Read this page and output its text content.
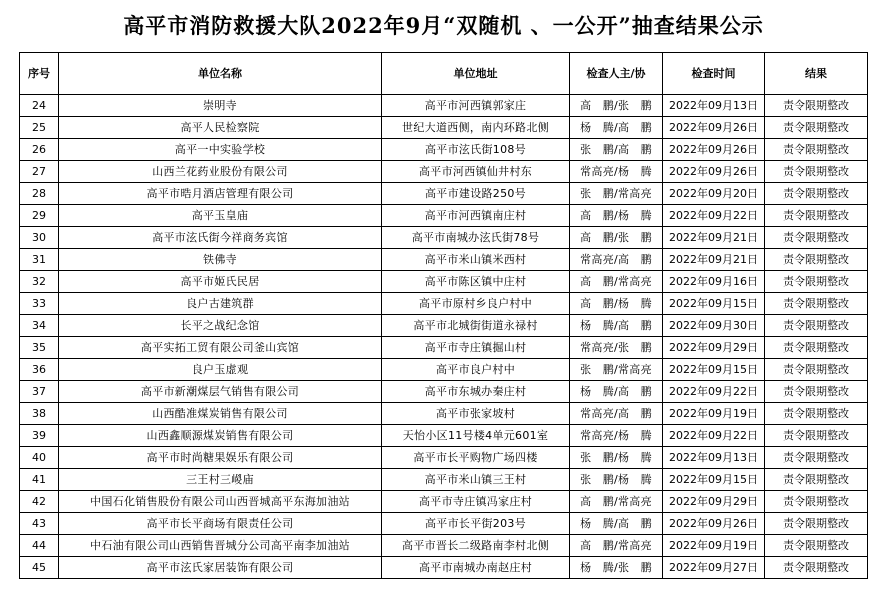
高平市消防救援大队2022年9月“双随机 、一公开”抽查结果公示
序号	单位名称	单位地址	检查人主/协	检查时间	结果
24	崇明寺	高平市河西镇郭家庄	高　鹏/张　鹏	2022年09月13日	责令限期整改
25	高平人民检察院	世纪大道西侧，南内环路北侧	杨　腾/高　鹏	2022年09月26日	责令限期整改
26	高平一中实验学校	高平市泫氏街108号	张　鹏/高　鹏	2022年09月26日	责令限期整改
27	山西兰花药业股份有限公司	高平市河西镇仙井村东	常高亮/杨　腾	2022年09月26日	责令限期整改
28	高平市晧月酒店管理有限公司	高平市建设路250号	张　鹏/常高亮	2022年09月20日	责令限期整改
29	高平玉皇庙	高平市河西镇南庄村	高　鹏/杨　腾	2022年09月22日	责令限期整改
30	高平市泫氏街今祥商务宾馆	高平市南城办泫氏街78号	高　鹏/张　鹏	2022年09月21日	责令限期整改
31	铁佛寺	高平市米山镇米西村	常高亮/高　鹏	2022年09月21日	责令限期整改
32	高平市姬氏民居	高平市陈区镇中庄村	高　鹏/常高亮	2022年09月16日	责令限期整改
33	良户古建筑群	高平市原村乡良户村中	高　鹏/杨　腾	2022年09月15日	责令限期整改
34	长平之战纪念馆	高平市北城街街道永禄村	杨　腾/高　鹏	2022年09月30日	责令限期整改
35	高平实拓工贸有限公司釜山宾馆	高平市寺庄镇掘山村	常高亮/张　鹏	2022年09月29日	责令限期整改
36	良户玉虚观	高平市良户村中	张　鹏/常高亮	2022年09月15日	责令限期整改
37	高平市新潮煤层气销售有限公司	高平市东城办秦庄村	杨　腾/高　鹏	2022年09月22日	责令限期整改
38	山西酷准煤炭销售有限公司	高平市张家坡村	常高亮/高　鹏	2022年09月19日	责令限期整改
39	山西鑫顺源煤炭销售有限公司	天怡小区11号楼4单元601室	常高亮/杨　腾	2022年09月22日	责令限期整改
40	高平市时尚糖果娱乐有限公司	高平市长平购物广场四楼	张　鹏/杨　腾	2022年09月13日	责令限期整改
41	三王村三嵕庙	高平市米山镇三王村	张　鹏/杨　腾	2022年09月15日	责令限期整改
42	中国石化销售股份有限公司山西晋城高平东海加油站	高平市寺庄镇冯家庄村	高　鹏/常高亮	2022年09月29日	责令限期整改
43	高平市长平商场有限责任公司	高平市长平街203号	杨　腾/高　鹏	2022年09月26日	责令限期整改
44	中石油有限公司山西销售晋城分公司高平南李加油站	高平市晋长二级路南李村北侧	高　鹏/常高亮	2022年09月19日	责令限期整改
45	高平市泫氏家居装饰有限公司	高平市南城办南赵庄村	杨　腾/张　鹏	2022年09月27日	责令限期整改
